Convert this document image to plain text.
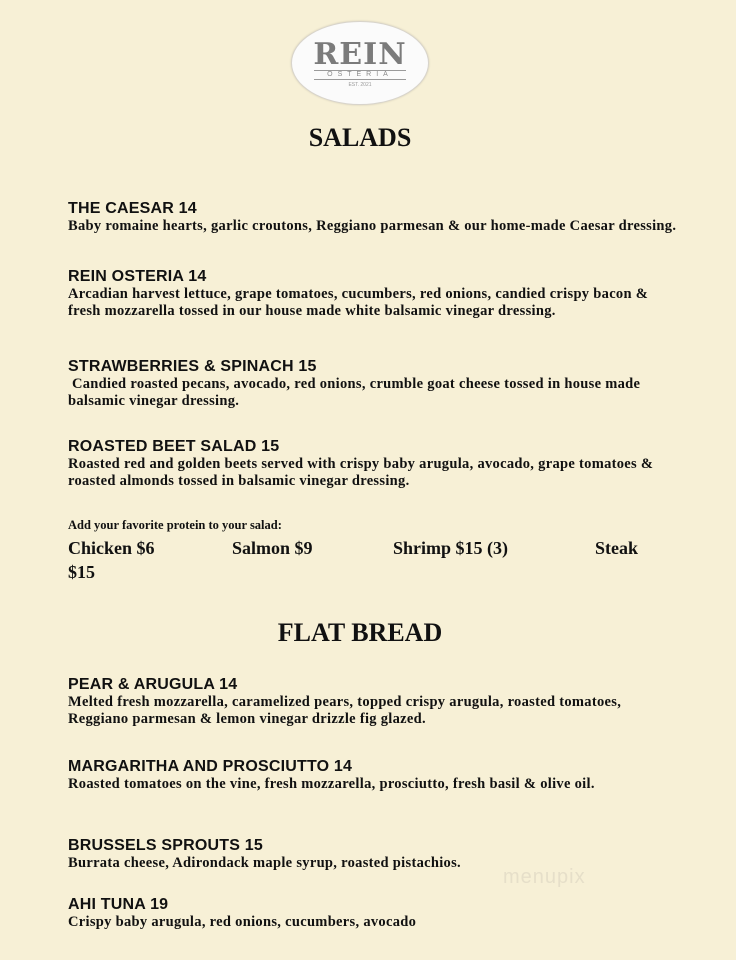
REIN
OSTERIA
EST. 2021
SALADS
THE CAESAR 14
Baby romaine hearts, garlic croutons, Reggiano parmesan & our home-made Caesar dressing.
REIN OSTERIA 14
Arcadian harvest lettuce, grape tomatoes, cucumbers, red onions, candied crispy bacon & fresh mozzarella tossed in our house made white balsamic vinegar dressing.
STRAWBERRIES & SPINACH 15
Candied roasted pecans, avocado, red onions, crumble goat cheese tossed in house made balsamic vinegar dressing.
ROASTED BEET SALAD 15
Roasted red and golden beets served with crispy baby arugula, avocado, grape tomatoes & roasted almonds tossed in balsamic vinegar dressing.
Add your favorite protein to your salad:
Chicken $6	Salmon $9	Shrimp $15 (3)	Steak
$15
FLAT BREAD
PEAR & ARUGULA 14
Melted fresh mozzarella, caramelized pears, topped crispy arugula, roasted tomatoes, Reggiano parmesan & lemon vinegar drizzle fig glazed.
MARGARITHA AND PROSCIUTTO 14
Roasted tomatoes on the vine, fresh mozzarella, prosciutto, fresh basil & olive oil.
BRUSSELS SPROUTS 15
Burrata cheese, Adirondack maple syrup, roasted pistachios.
AHI TUNA 19
Crispy baby arugula, red onions, cucumbers, avocado
menupix
